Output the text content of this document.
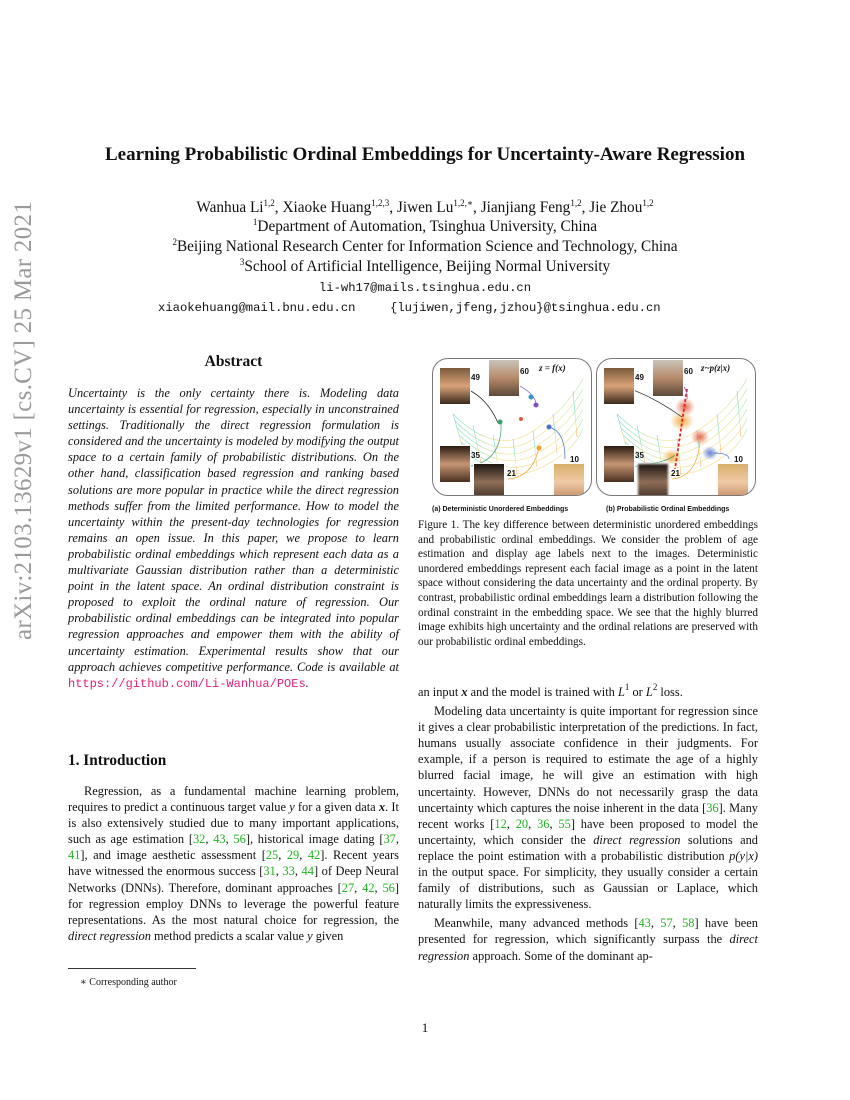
arXiv:2103.13629v1 [cs.CV] 25 Mar 2021
Learning Probabilistic Ordinal Embeddings for Uncertainty-Aware Regression
Wanhua Li$^{1,2}$, Xiaoke Huang$^{1,2,3}$, Jiwen $Lu^{1,2,∗}$, Jianjiang Feng$^{1,2}$, Jie Zhou$^{1,2}$
$^1$Department of Automation, Tsinghua University, China
$^2$Beijing National Research Center for Information Science and Technology, China
$^3$School of Artificial Intelligence, Beijing Normal University
li-wh17@mails.tsinghua.edu.cn
xiaokehuang@mail.bnu.edu.cn	{lujiwen,jfeng,jzhou}@tsinghua.edu.cn
Abstract
Uncertainty is the only certainty there is. Modeling data uncertainty is essential for regression, especially in unconstrained settings. Traditionally the direct regression formulation is considered and the uncertainty is modeled by modifying the output space to a certain family of probabilistic distributions. On the other hand, classification based regression and ranking based solutions are more popular in practice while the direct regression methods suffer from the limited performance. How to model the uncertainty within the present-day technologies for regression remains an open issue. In this paper, we propose to learn probabilistic ordinal embeddings which represent each data as a multivariate Gaussian distribution rather than a deterministic point in the latent space. An ordinal distribution constraint is proposed to exploit the ordinal nature of regression. Our probabilistic ordinal embeddings can be integrated into popular regression approaches and empower them with the ability of uncertainty estimation. Experimental results show that our approach achieves competitive performance. Code is available at https://github.com/Li-Wanhua/POEs.
1. Introduction

Regression, as a fundamental machine learning problem, requires to predict a continuous target value y for a given data x. It is also extensively studied due to many important applications, such as age estimation [32, 43, 56], historical image dating [37, 41], and image aesthetic assessment [25, 29, 42]. Recent years have witnessed the enormous success [31, 33, 44] of Deep Neural Networks (DNNs). Therefore, dominant approaches [27, 42, 56] for regression employ DNNs to leverage the powerful feature representations. As the most natural choice for regression, the direct regression method predicts a scalar value y given

∗ Corresponding author
49
60
35
21
10
z = f(x)
49
60
35
21
10
z~p(z|x)
(a) Deterministic Unordered Embeddings	(b) Probabilistic Ordinal Embeddings
Figure 1. The key difference between deterministic unordered embeddings and probabilistic ordinal embeddings. We consider the problem of age estimation and display age labels next to the images. Deterministic unordered embeddings represent each facial image as a point in the latent space without considering the data uncertainty and the ordinal property. By contrast, probabilistic ordinal embeddings learn a distribution following the ordinal constraint in the embedding space. We see that the highly blurred image exhibits high uncertainty and the ordinal relations are preserved with our probabilistic ordinal embeddings.

an input x and the model is trained with $L^1$ or $L^2$ loss.

Modeling data uncertainty is quite important for regression since it gives a clear probabilistic interpretation of the predictions. In fact, humans usually associate confidence in their judgments. For example, if a person is required to estimate the age of a highly blurred facial image, he will give an estimation with high uncertainty. However, DNNs do not necessarily grasp the data uncertainty which captures the noise inherent in the data [36]. Many recent works [12, 20, 36, 55] have been proposed to model the uncertainty, which consider the direct regression solutions and replace the point estimation with a probabilistic distribution p(y|x) in the output space. For simplicity, they usually consider a certain family of distributions, such as Gaussian or Laplace, which naturally limits the expressiveness.

Meanwhile, many advanced methods [43, 57, 58] have been presented for regression, which significantly surpass the direct regression approach. Some of the dominant ap-

1
